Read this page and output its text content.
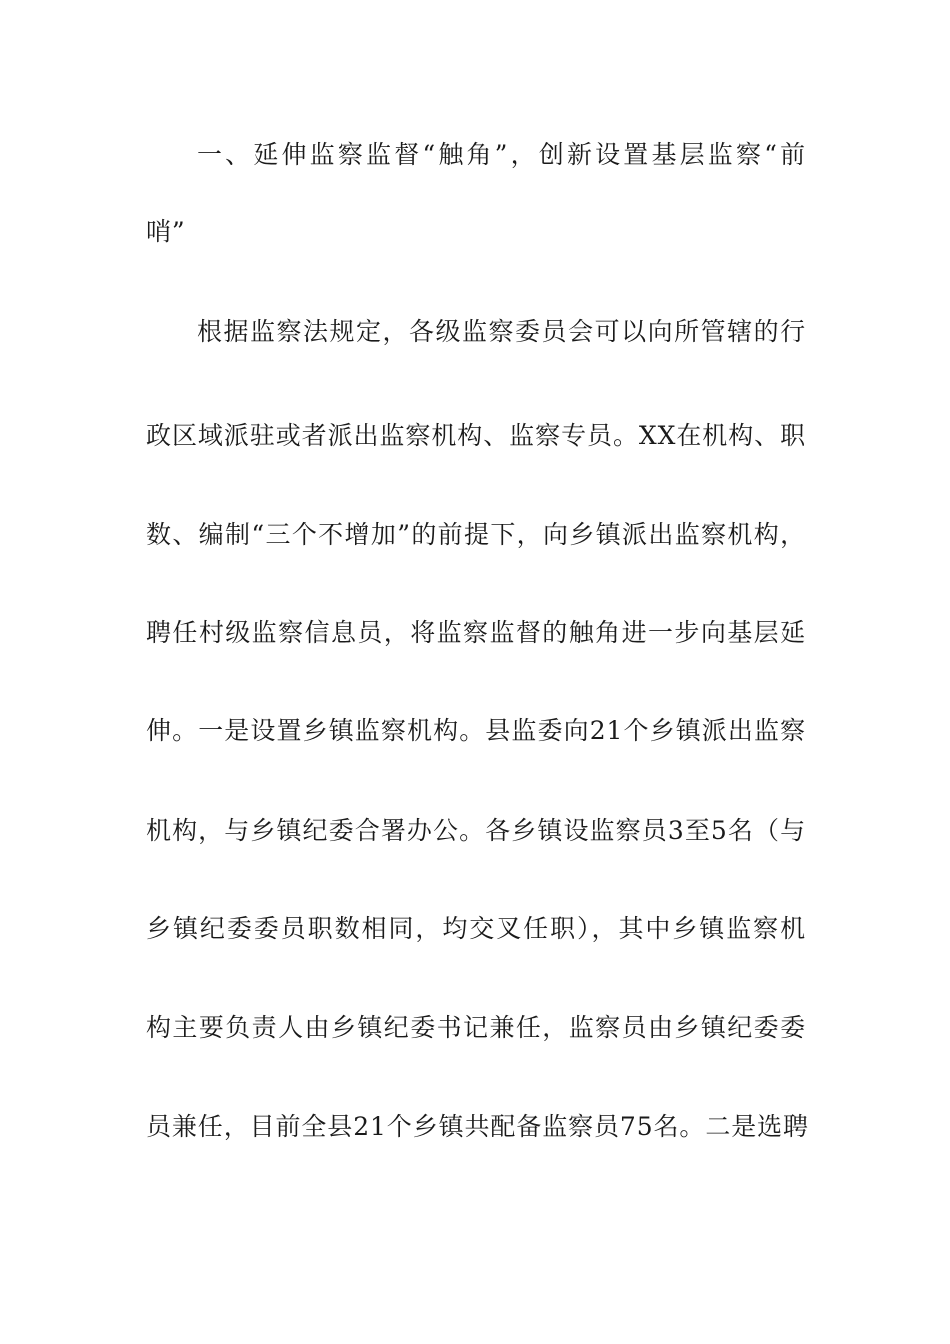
一、延伸监察监督“触角”，创新设置基层监察“前
哨”
根据监察法规定，各级监察委员会可以向所管辖的行
政区域派驻或者派出监察机构、监察专员。XX在机构、职
数、编制“三个不增加”的前提下，向乡镇派出监察机构，
聘任村级监察信息员，将监察监督的触角进一步向基层延
伸。一是设置乡镇监察机构。县监委向21个乡镇派出监察
机构，与乡镇纪委合署办公。各乡镇设监察员3至5名（与
乡镇纪委委员职数相同，均交叉任职），其中乡镇监察机
构主要负责人由乡镇纪委书记兼任，监察员由乡镇纪委委
员兼任，目前全县21个乡镇共配备监察员75名。二是选聘
